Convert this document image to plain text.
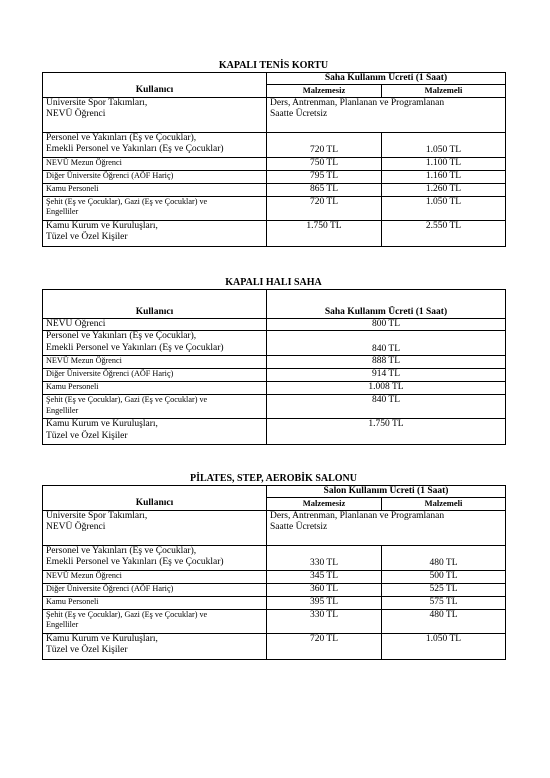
KAPALI TENİS KORTU
Kullanıcı	Saha Kullanım Ücreti (1 Saat)	
	Malzemesiz	Malzemeli
Üniversite Spor Takımları,
NEVÜ Öğrenci	Ders, Antrenman, Planlanan ve Programlanan
Saatte Ücretsiz	
Personel ve Yakınları (Eş ve Çocuklar),
Emekli Personel ve Yakınları (Eş ve Çocuklar)	720 TL	1.050 TL
NEVÜ Mezun Öğrenci	750 TL	1.100 TL
Diğer Üniversite Öğrenci (AÖF Hariç)	795 TL	1.160 TL
Kamu Personeli	865 TL	1.260 TL
Şehit (Eş ve Çocuklar), Gazi (Eş ve Çocuklar) ve
Engelliler	720 TL	1.050 TL
Kamu Kurum ve Kuruluşları,
Tüzel ve Özel Kişiler	1.750 TL	2.550 TL
KAPALI HALI SAHA
Kullanıcı	Saha Kullanım Ücreti (1 Saat)
NEVÜ Öğrenci	800 TL
Personel ve Yakınları (Eş ve Çocuklar),
Emekli Personel ve Yakınları (Eş ve Çocuklar)	840 TL
NEVÜ Mezun Öğrenci	888 TL
Diğer Üniversite Öğrenci (AÖF Hariç)	914 TL
Kamu Personeli	1.008 TL
Şehit (Eş ve Çocuklar), Gazi (Eş ve Çocuklar) ve
Engelliler	840 TL
Kamu Kurum ve Kuruluşları,
Tüzel ve Özel Kişiler	1.750 TL
PİLATES, STEP, AEROBİK SALONU
Kullanıcı	Salon Kullanım Ücreti (1 Saat)	
	Malzemesiz	Malzemeli
Üniversite Spor Takımları,
NEVÜ Öğrenci	Ders, Antrenman, Planlanan ve Programlanan
Saatte Ücretsiz	
Personel ve Yakınları (Eş ve Çocuklar),
Emekli Personel ve Yakınları (Eş ve Çocuklar)	330 TL	480 TL
NEVÜ Mezun Öğrenci	345 TL	500 TL
Diğer Üniversite Öğrenci (AÖF Hariç)	360 TL	525 TL
Kamu Personeli	395 TL	575 TL
Şehit (Eş ve Çocuklar), Gazi (Eş ve Çocuklar) ve
Engelliler	330 TL	480 TL
Kamu Kurum ve Kuruluşları,
Tüzel ve Özel Kişiler	720 TL	1.050 TL
